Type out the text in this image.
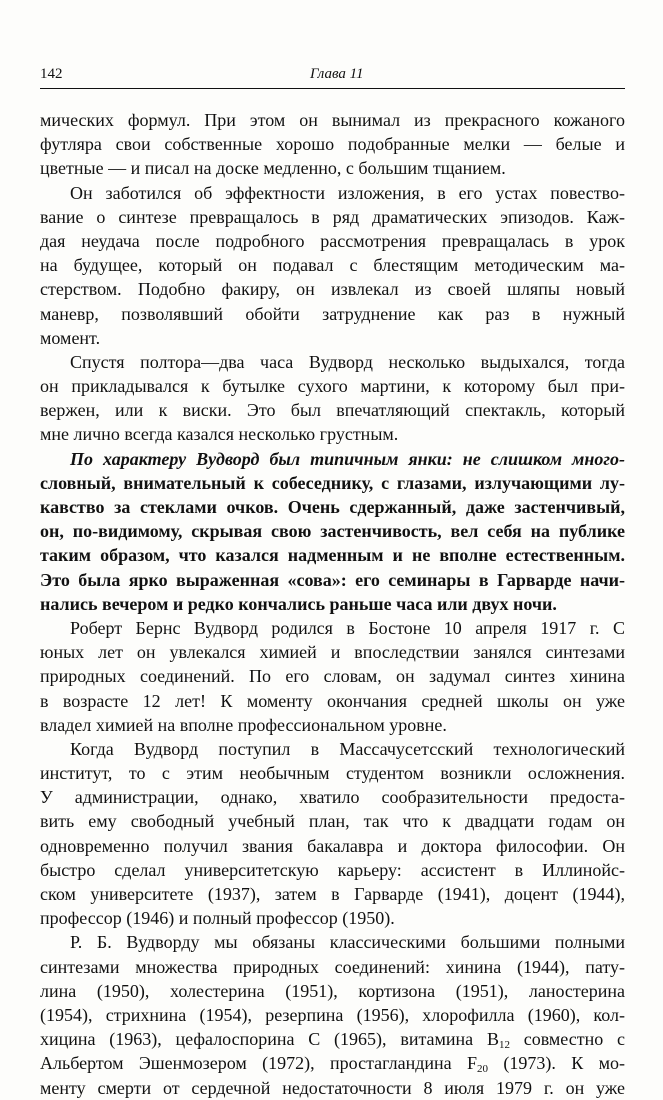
142	Глава 11
мических формул. При этом он вынимал из прекрасного кожаного
футляра свои собственные хорошо подобранные мелки — белые и
цветные — и писал на доске медленно, с большим тщанием.
Он заботился об эффектности изложения, в его устах повество-
вание о синтезе превращалось в ряд драматических эпизодов. Каж-
дая неудача после подробного рассмотрения превращалась в урок
на будущее, который он подавал с блестящим методическим ма-
стерством. Подобно факиру, он извлекал из своей шляпы новый
маневр, позволявший обойти затруднение как раз в нужный
момент.
Спустя полтора—два часа Вудворд несколько выдыхался, тогда
он прикладывался к бутылке сухого мартини, к которому был при-
вержен, или к виски. Это был впечатляющий спектакль, который
мне лично всегда казался несколько грустным.
По характеру Вудворд был типичным янки: не слишком много-
словный, внимательный к собеседнику, с глазами, излучающими лу-
кавство за стеклами очков. Очень сдержанный, даже застенчивый,
он, по-видимому, скрывая свою застенчивость, вел себя на публике
таким образом, что казался надменным и не вполне естественным.
Это была ярко выраженная «сова»: его семинары в Гарварде начи-
нались вечером и редко кончались раньше часа или двух ночи.
Роберт Бернс Вудворд родился в Бостоне 10 апреля 1917 г. С
юных лет он увлекался химией и впоследствии занялся синтезами
природных соединений. По его словам, он задумал синтез хинина
в возрасте 12 лет! К моменту окончания средней школы он уже
владел химией на вполне профессиональном уровне.
Когда Вудворд поступил в Массачусетсский технологический
институт, то с этим необычным студентом возникли осложнения.
У администрации, однако, хватило сообразительности предоста-
вить ему свободный учебный план, так что к двадцати годам он
одновременно получил звания бакалавра и доктора философии. Он
быстро сделал университетскую карьеру: ассистент в Иллинойс-
ском университете (1937), затем в Гарварде (1941), доцент (1944),
профессор (1946) и полный профессор (1950).
Р. Б. Вудворду мы обязаны классическими большими полными
синтезами множества природных соединений: хинина (1944), пату-
лина (1950), холестерина (1951), кортизона (1951), ланостерина
(1954), стрихнина (1954), резерпина (1956), хлорофилла (1960), кол-
хицина (1963), цефалоспорина С (1965), витамина $B_{12}$ совместно с
Альбертом Эшенмозером (1972), простагландина $F_{20}$ (1973). К мо-
менту смерти от сердечной недостаточности 8 июля 1979 г. он уже
